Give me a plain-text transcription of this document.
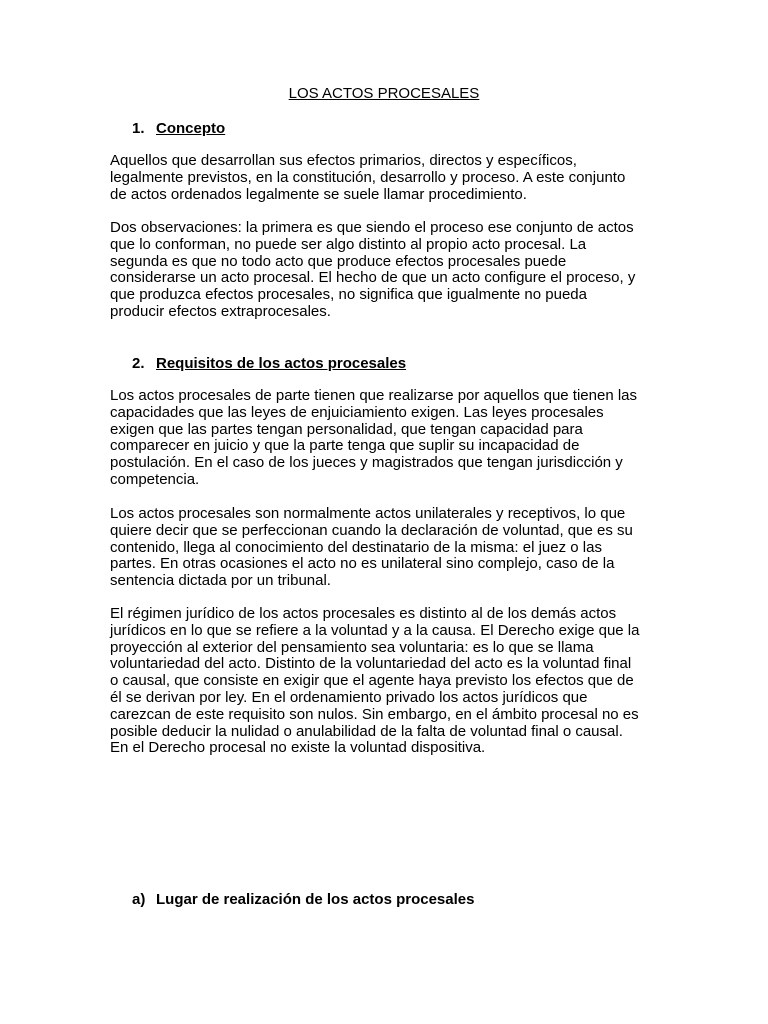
LOS ACTOS PROCESALES
1. Concepto
Aquellos que desarrollan sus efectos primarios, directos y específicos,
legalmente previstos, en la constitución, desarrollo y proceso. A este conjunto
de actos ordenados legalmente se suele llamar procedimiento.
Dos observaciones: la primera es que siendo el proceso ese conjunto de actos
que lo conforman, no puede ser algo distinto al propio acto procesal. La
segunda es que no todo acto que produce efectos procesales puede
considerarse un acto procesal. El hecho de que un acto configure el proceso, y
que produzca efectos procesales, no significa que igualmente no pueda
producir efectos extraprocesales.
2. Requisitos de los actos procesales
Los actos procesales de parte tienen que realizarse por aquellos que tienen las
capacidades que las leyes de enjuiciamiento exigen. Las leyes procesales
exigen que las partes tengan personalidad, que tengan capacidad para
comparecer en juicio y que la parte tenga que suplir su incapacidad de
postulación. En el caso de los jueces y magistrados que tengan jurisdicción y
competencia.
Los actos procesales son normalmente actos unilaterales y receptivos, lo que
quiere decir que se perfeccionan cuando la declaración de voluntad, que es su
contenido, llega al conocimiento del destinatario de la misma: el juez o las
partes. En otras ocasiones el acto no es unilateral sino complejo, caso de la
sentencia dictada por un tribunal.
El régimen jurídico de los actos procesales es distinto al de los demás actos
jurídicos en lo que se refiere a la voluntad y a la causa. El Derecho exige que la
proyección al exterior del pensamiento sea voluntaria: es lo que se llama
voluntariedad del acto. Distinto de la voluntariedad del acto es la voluntad final
o causal, que consiste en exigir que el agente haya previsto los efectos que de
él se derivan por ley. En el ordenamiento privado los actos jurídicos que
carezcan de este requisito son nulos. Sin embargo, en el ámbito procesal no es
posible deducir la nulidad o anulabilidad de la falta de voluntad final o causal.
En el Derecho procesal no existe la voluntad dispositiva.
a) Lugar de realización de los actos procesales
